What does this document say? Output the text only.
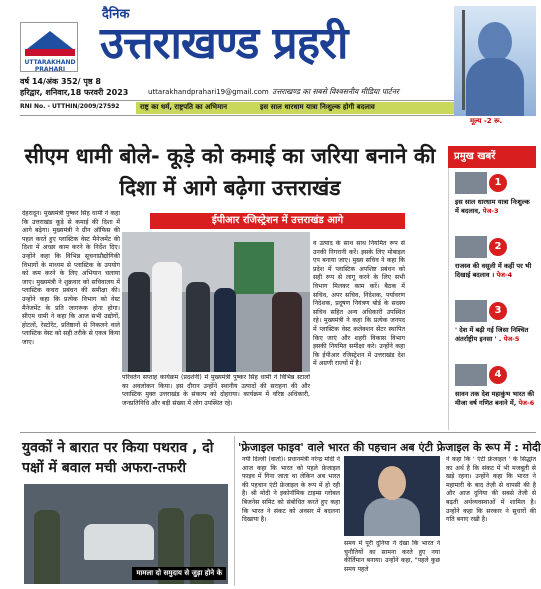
UTTARAKHAND PRAHARI
दैनिक
उत्तराखण्ड प्रहरी
वर्ष 14/अंक 352/ पृष्ठ 8
हरिद्वार, शनिवार,18 फरवरी 2023	uttarakhandprahari19@gmail.com उत्तराखण्ड का सबसे विश्वसनीय मीडिया पार्टनर
RNI No. - UTTHIN/2009/27592	राष्ट्र का धर्म, राष्ट्रपति का अभिमान	इस साल धारधाम यात्रा निःशुल्क होगी बदलाव
मूल्य -2 रू.
सीएम धामी बोले- कूड़े को कमाई का जरिया बनाने की दिशा में आगे बढ़ेगा उत्तराखंड
देहरादून। मुख्यमंत्री पुष्कर सिंह धामी ने कहा कि उत्तराखंड कूड़े से कमाई की दिशा में आगे बढ़ेगा। मुख्यमंत्री ने ग्रीन ऑफिस की पहल करते हुए प्लास्टिक वेस्ट मैनेजमेंट की दिशा में अच्छा काम करने के निर्देश दिए। उन्होंने कहा कि विभिन्न सूचनाप्रौद्योगिकी विभागों के माध्यम से प्लास्टिक के उपयोग को कम करने के लिए अभियान चलाया जाए। मुख्यमंत्री ने शुक्रवार को सचिवालय में प्लास्टिक कचरा प्रबंधन की समीक्षा की। उन्होंने कहा कि प्रत्येक विभाग को वेस्ट मैनेजमेंट के प्रति जागरूक होना होगा। सीएम धामी ने कहा कि आज सभी उद्योगों, होटलों, रेस्टोरेंट, प्रतिष्ठानों से निकलने वाले प्लास्टिक वेस्ट को सही तरीके से एकत्र किया जाए।
ईपीआर रजिस्ट्रेशन में उत्तराखंड आगे
परिवर्तन सप्ताह कार्यक्रम (प्रदर्शनी) में मुख्यमंत्री पुष्कर सिंह धामी ने विभिन्न स्टालों का अवलोकन किया। इस दौरान उन्होंने स्थानीय उत्पादों की सराहना की और प्लास्टिक मुक्त उत्तराखंड के संकल्प को दोहराया। कार्यक्रम में वरिष्ठ अधिकारी, जनप्रतिनिधि और बड़ी संख्या में लोग उपस्थित रहे।
व उत्पाद के साथ साथ नियमित रूप से उनकी निगरानी करें। इसके लिए मोबाइल एप बनाया जाए। मुख्य सचिव ने कहा कि प्रदेश में प्लास्टिक अपशिष्ट प्रबंधन को सही रूप से लागू करने के लिए सभी विभाग मिलकर काम करें। बैठक में सचिव, अपर सचिव, निदेशक, पर्यावरण निदेशक, प्रदूषण नियंत्रण बोर्ड के सदस्य सचिव सहित अन्य अधिकारी उपस्थित रहे। मुख्यमंत्री ने कहा कि प्रत्येक जनपद में प्लास्टिक वेस्ट कलेक्शन सेंटर स्थापित किए जाएं और शहरी विकास विभाग इसकी नियमित समीक्षा करे। उन्होंने कहा कि ईपीआर रजिस्ट्रेशन में उत्तराखंड देश में अग्रणी राज्यों में है।
प्रमुख खबरें
1
इस साल धारधाम यात्रा निःशुल्क में बदलाव, पेज-3
2
राजस्व की वसूली में कहीं पर भी दिखाई बदलाव । पेज-4
3
' देश में बढ़ी गई जिसा निश्चित अंतर्राष्ट्रीय इनसा ' . पेज-5
4
सावन तक देश महाकुंभ भारत की मीजा वर्ष गणित बनाने में, पेज-6
युवकों ने बारात पर किया पथराव , दो पक्षों में बवाल मची अफरा-तफरी
मामला दो समुदाय से जुड़ा होने के
'फ्रेजाइल फाइव' वाले भारत की पहचान अब एंटी फ्रेजाइल के रूप में : मोदी
नयी दिल्ली (वार्ता)। प्रधानमंत्री नरेन्द्र मोदी ने आज कहा कि भारत को पहले फ्रेजाइल फाइव में गिना जाता था लेकिन अब भारत की पहचान एंटी फ्रेजाइल के रूप में हो रही है। श्री मोदी ने इकोनॉमिक टाइम्स ग्लोबल बिजनेस समिट को संबोधित करते हुए कहा कि भारत ने संकट को अवसर में बदलना दिखाया है।
समय में पूरी दुनिया ने देखा कि भारत ने चुनौतियों का सामना करते हुए नया कीर्तिमान बनाया। उन्होंने कहा, "पहले कुछ समय पहले
ने कहा कि ' एंटी फ्रेजाइल ' के सिद्धांत का अर्थ है कि संकट में भी मजबूती से खड़े रहना। उन्होंने कहा कि भारत ने महामारी के बाद तेज़ी से वापसी की है और आज दुनिया की सबसे तेजी से बढ़ती अर्थव्यवस्थाओं में शामिल है। उन्होंने कहा कि सरकार ने सुधारों की गति बनाए रखी है।
